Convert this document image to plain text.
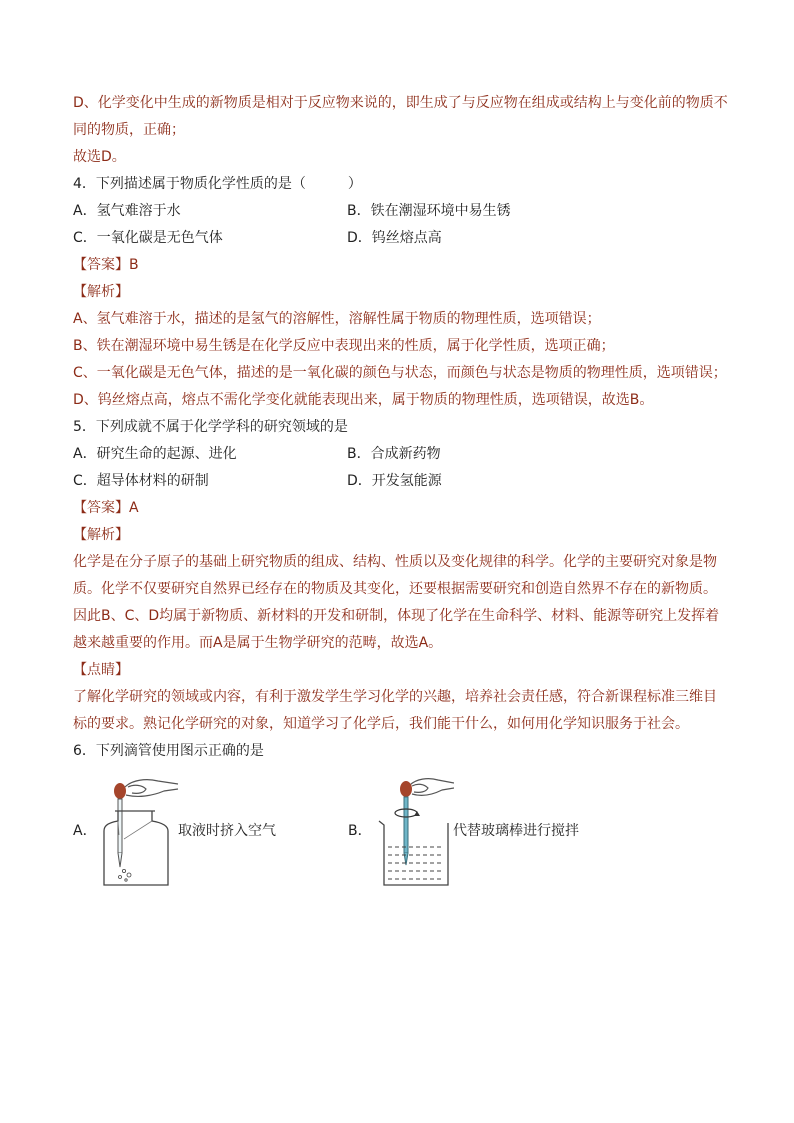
D、化学变化中生成的新物质是相对于反应物来说的，即生成了与反应物在组成或结构上与变化前的物质不
同的物质，正确；
故选D。
4．下列描述属于物质化学性质的是（　　　）
A．氢气难溶于水	B．铁在潮湿环境中易生锈
C．一氧化碳是无色气体	D．钨丝熔点高
【答案】B
【解析】
A、氢气难溶于水，描述的是氢气的溶解性，溶解性属于物质的物理性质，选项错误；
B、铁在潮湿环境中易生锈是在化学反应中表现出来的性质，属于化学性质，选项正确；
C、一氧化碳是无色气体，描述的是一氧化碳的颜色与状态，而颜色与状态是物质的物理性质，选项错误；
D、钨丝熔点高，熔点不需化学变化就能表现出来，属于物质的物理性质，选项错误，故选B。
5．下列成就不属于化学学科的研究领域的是
A．研究生命的起源、进化	B．合成新药物
C．超导体材料的研制	D．开发氢能源
【答案】A
【解析】
化学是在分子原子的基础上研究物质的组成、结构、性质以及变化规律的科学。化学的主要研究对象是物
质。化学不仅要研究自然界已经存在的物质及其变化，还要根据需要研究和创造自然界不存在的新物质。
因此B、C、D均属于新物质、新材料的开发和研制，体现了化学在生命科学、材料、能源等研究上发挥着
越来越重要的作用。而A是属于生物学研究的范畴，故选A。
【点睛】
了解化学研究的领域或内容，有利于激发学生学习化学的兴趣，培养社会责任感，符合新课程标准三维目
标的要求。熟记化学研究的对象，知道学习了化学后，我们能干什么，如何用化学知识服务于社会。
6．下列滴管使用图示正确的是
A．	取液时挤入空气	B．	代替玻璃棒进行搅拌
